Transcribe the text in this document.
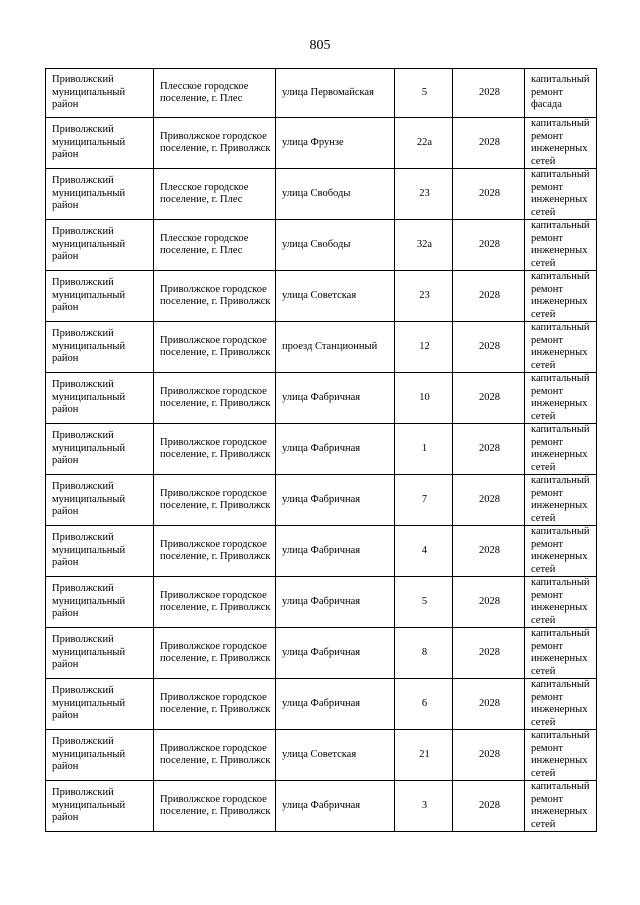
805
Приволжский муниципальный район	Плесское городское поселение, г. Плес	улица Первомайская	5	2028	капитальный ремонт фасада
Приволжский муниципальный район	Приволжское городское поселение, г. Приволжск	улица Фрунзе	22а	2028	капитальный ремонт инженерных сетей
Приволжский муниципальный район	Плесское городское поселение, г. Плес	улица Свободы	23	2028	капитальный ремонт инженерных сетей
Приволжский муниципальный район	Плесское городское поселение, г. Плес	улица Свободы	32а	2028	капитальный ремонт инженерных сетей
Приволжский муниципальный район	Приволжское городское поселение, г. Приволжск	улица Советская	23	2028	капитальный ремонт инженерных сетей
Приволжский муниципальный район	Приволжское городское поселение, г. Приволжск	проезд Станционный	12	2028	капитальный ремонт инженерных сетей
Приволжский муниципальный район	Приволжское городское поселение, г. Приволжск	улица Фабричная	10	2028	капитальный ремонт инженерных сетей
Приволжский муниципальный район	Приволжское городское поселение, г. Приволжск	улица Фабричная	1	2028	капитальный ремонт инженерных сетей
Приволжский муниципальный район	Приволжское городское поселение, г. Приволжск	улица Фабричная	7	2028	капитальный ремонт инженерных сетей
Приволжский муниципальный район	Приволжское городское поселение, г. Приволжск	улица Фабричная	4	2028	капитальный ремонт инженерных сетей
Приволжский муниципальный район	Приволжское городское поселение, г. Приволжск	улица Фабричная	5	2028	капитальный ремонт инженерных сетей
Приволжский муниципальный район	Приволжское городское поселение, г. Приволжск	улица Фабричная	8	2028	капитальный ремонт инженерных сетей
Приволжский муниципальный район	Приволжское городское поселение, г. Приволжск	улица Фабричная	6	2028	капитальный ремонт инженерных сетей
Приволжский муниципальный район	Приволжское городское поселение, г. Приволжск	улица Советская	21	2028	капитальный ремонт инженерных сетей
Приволжский муниципальный район	Приволжское городское поселение, г. Приволжск	улица Фабричная	3	2028	капитальный ремонт инженерных сетей
